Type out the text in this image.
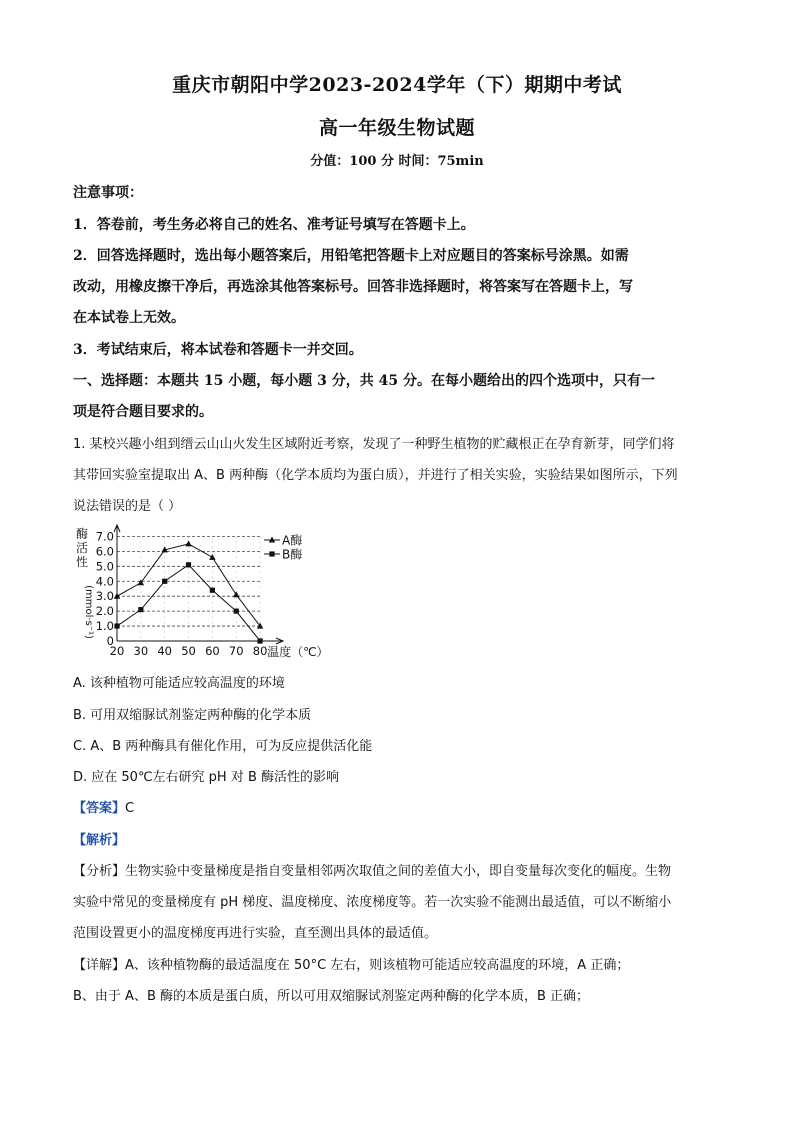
重庆市朝阳中学2023-2024学年（下）期期中考试
高一年级生物试题
分值：100 分 时间：75min
注意事项：
1．答卷前，考生务必将自己的姓名、准考证号填写在答题卡上。
2．回答选择题时，选出每小题答案后，用铅笔把答题卡上对应题目的答案标号涂黑。如需
改动，用橡皮擦干净后，再选涂其他答案标号。回答非选择题时，将答案写在答题卡上，写
在本试卷上无效。
3．考试结束后，将本试卷和答题卡一并交回。
一、选择题：本题共 15 小题，每小题 3 分，共 45 分。在每小题给出的四个选项中，只有一
项是符合题目要求的。
1. 某校兴趣小组到缙云山山火发生区域附近考察，发现了一种野生植物的贮藏根正在孕育新芽，同学们将
其带回实验室提取出 A、B 两种酶（化学本质均为蛋白质），并进行了相关实验，实验结果如图所示，下列
说法错误的是（ ）
0
1.0
2.0
3.0
4.0
5.0
6.0
7.0
20 30 40 50 60 70 80 温度（℃）
酶
活
性
(mmol·s⁻¹)
A酶
B酶
A. 该种植物可能适应较高温度的环境
B. 可用双缩脲试剂鉴定两种酶的化学本质
C. A、B 两种酶具有催化作用，可为反应提供活化能
D. 应在 50℃左右研究 pH 对 B 酶活性的影响
【答案】C
【解析】
【分析】生物实验中变量梯度是指自变量相邻两次取值之间的差值大小，即自变量每次变化的幅度。生物
实验中常见的变量梯度有 pH 梯度、温度梯度、浓度梯度等。若一次实验不能测出最适值，可以不断缩小
范围设置更小的温度梯度再进行实验，直至测出具体的最适值。
【详解】A、该种植物酶的最适温度在 50°C 左右，则该植物可能适应较高温度的环境，A 正确；
B、由于 A、B 酶的本质是蛋白质，所以可用双缩脲试剂鉴定两种酶的化学本质，B 正确；
